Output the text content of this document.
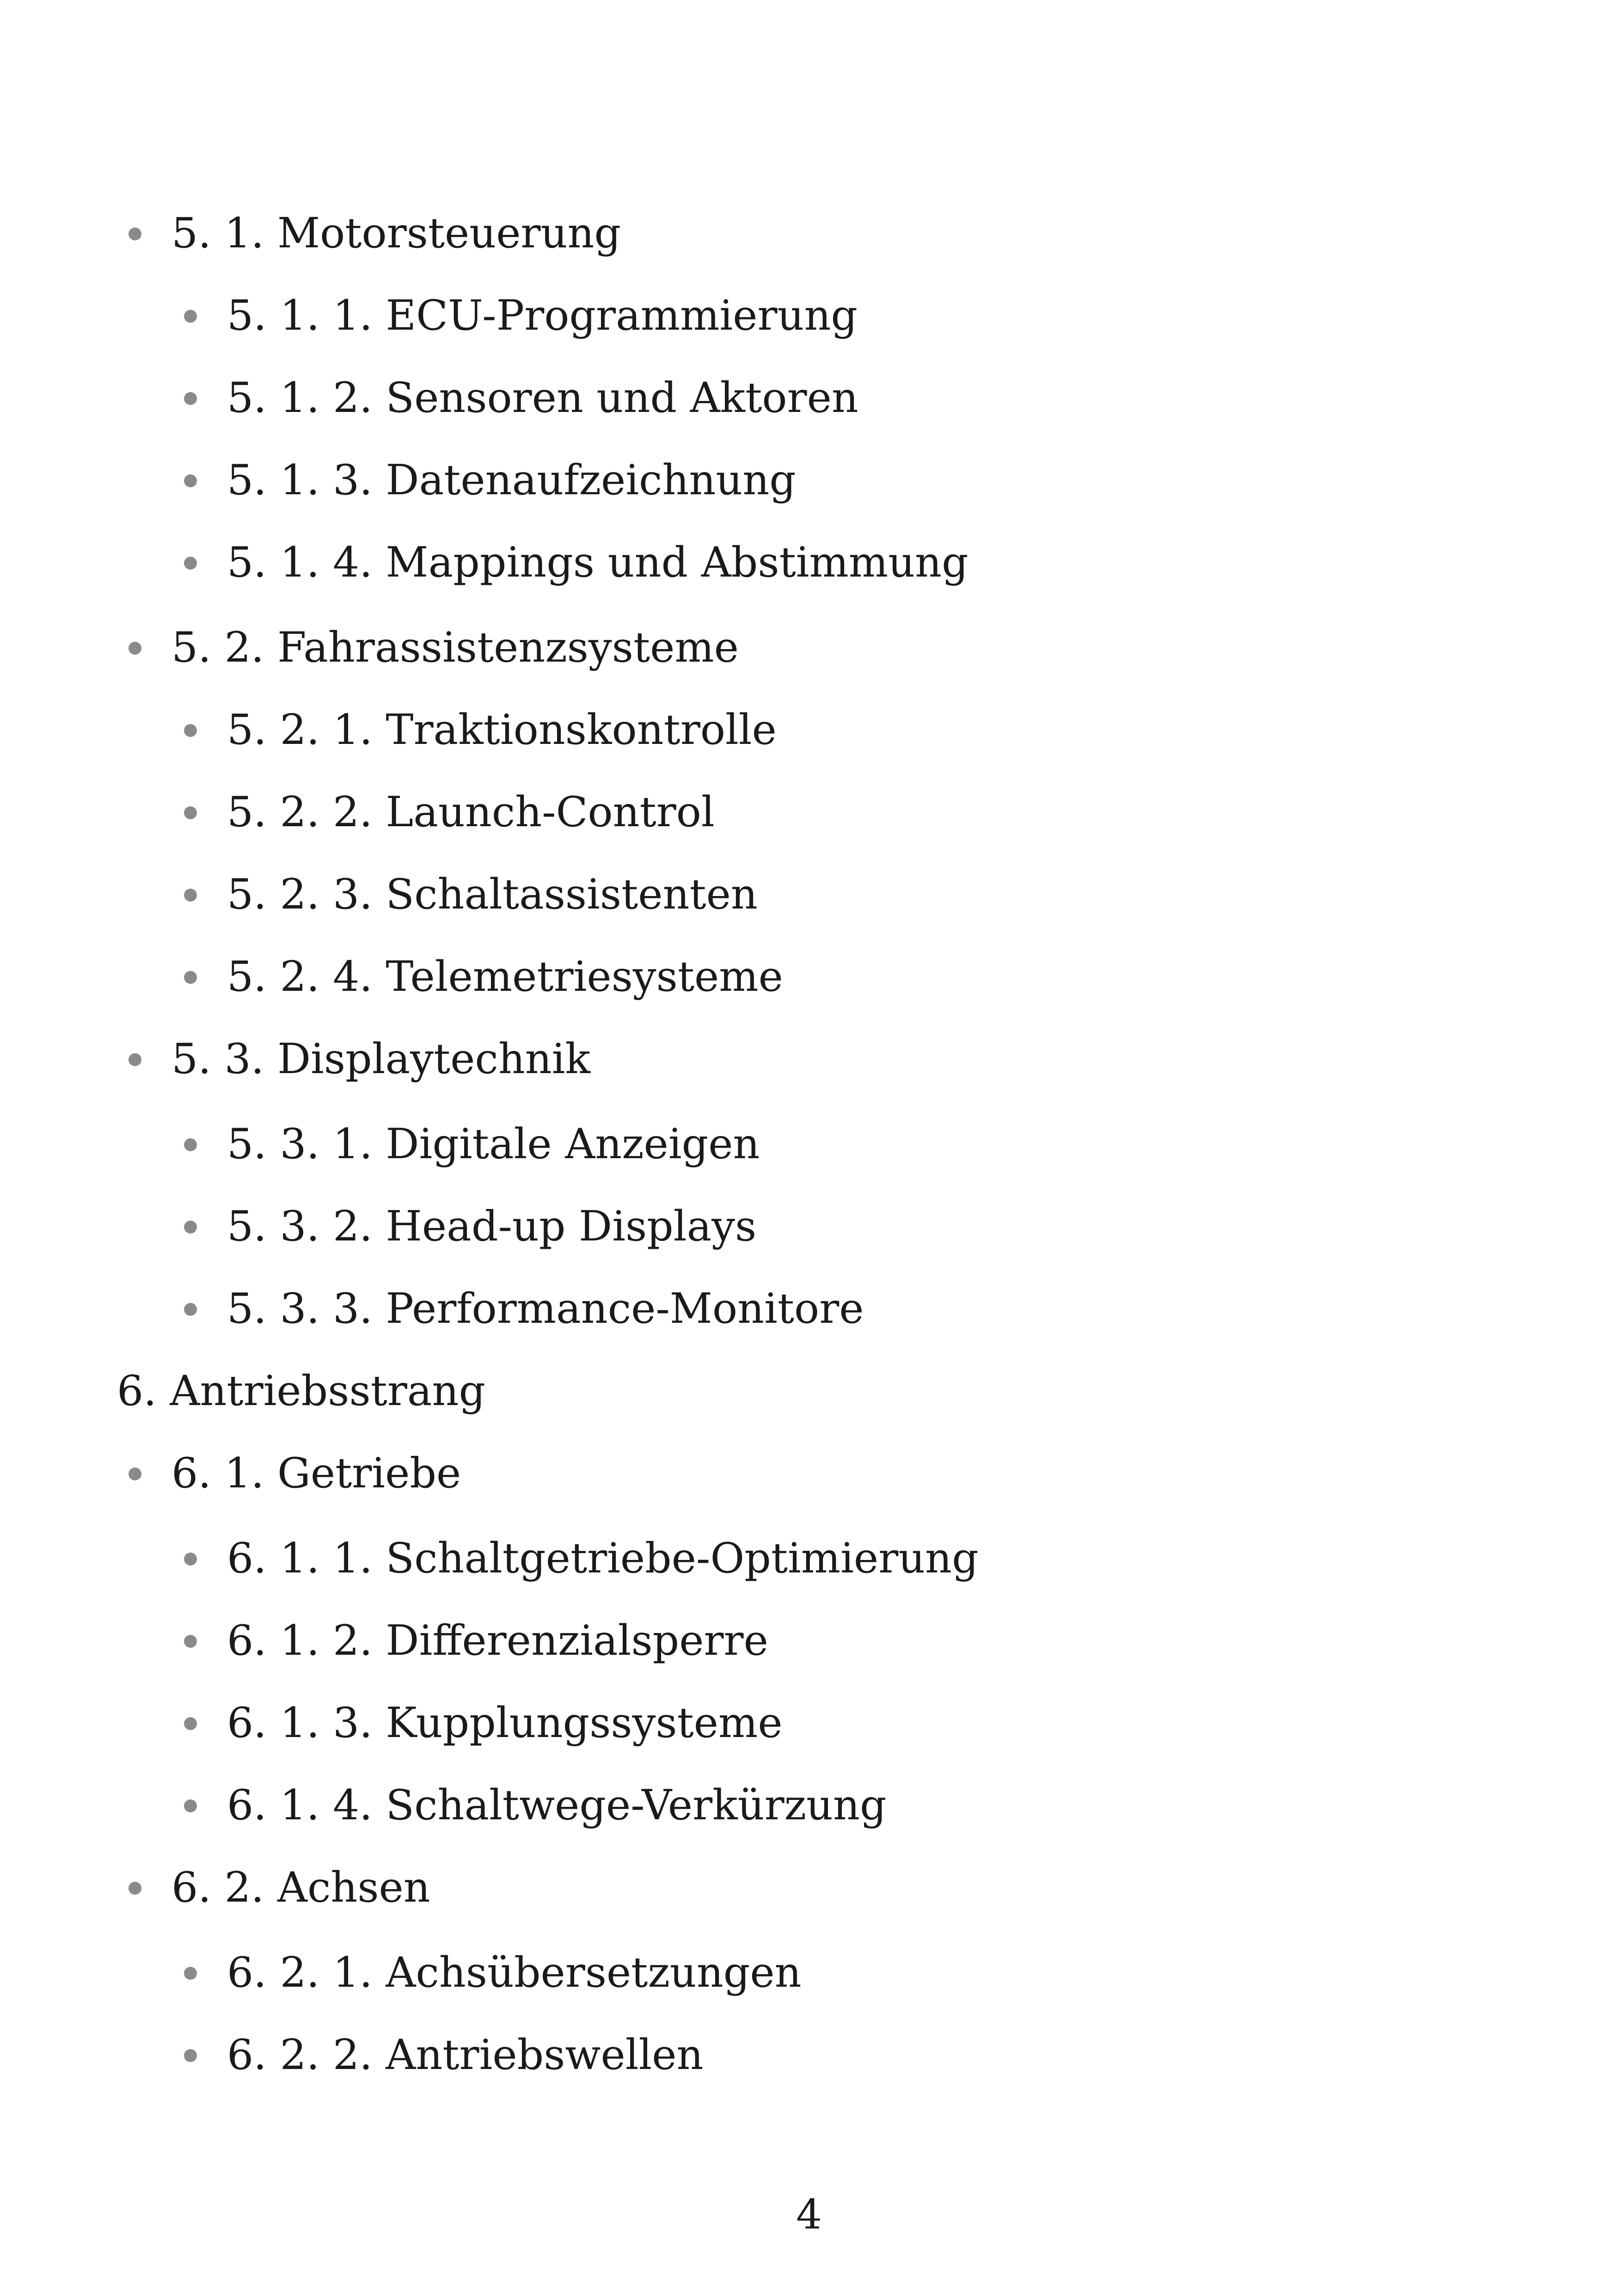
5. 1. Motorsteuerung
5. 1. 1. ECU-Programmierung
5. 1. 2. Sensoren und Aktoren
5. 1. 3. Datenaufzeichnung
5. 1. 4. Mappings und Abstimmung
5. 2. Fahrassistenzsysteme
5. 2. 1. Traktionskontrolle
5. 2. 2. Launch-Control
5. 2. 3. Schaltassistenten
5. 2. 4. Telemetriesysteme
5. 3. Displaytechnik
5. 3. 1. Digitale Anzeigen
5. 3. 2. Head-up Displays
5. 3. 3. Performance-Monitore
6. Antriebsstrang
6. 1. Getriebe
6. 1. 1. Schaltgetriebe-Optimierung
6. 1. 2. Differenzialsperre
6. 1. 3. Kupplungssysteme
6. 1. 4. Schaltwege-Verkürzung
6. 2. Achsen
6. 2. 1. Achsübersetzungen
6. 2. 2. Antriebswellen
4
